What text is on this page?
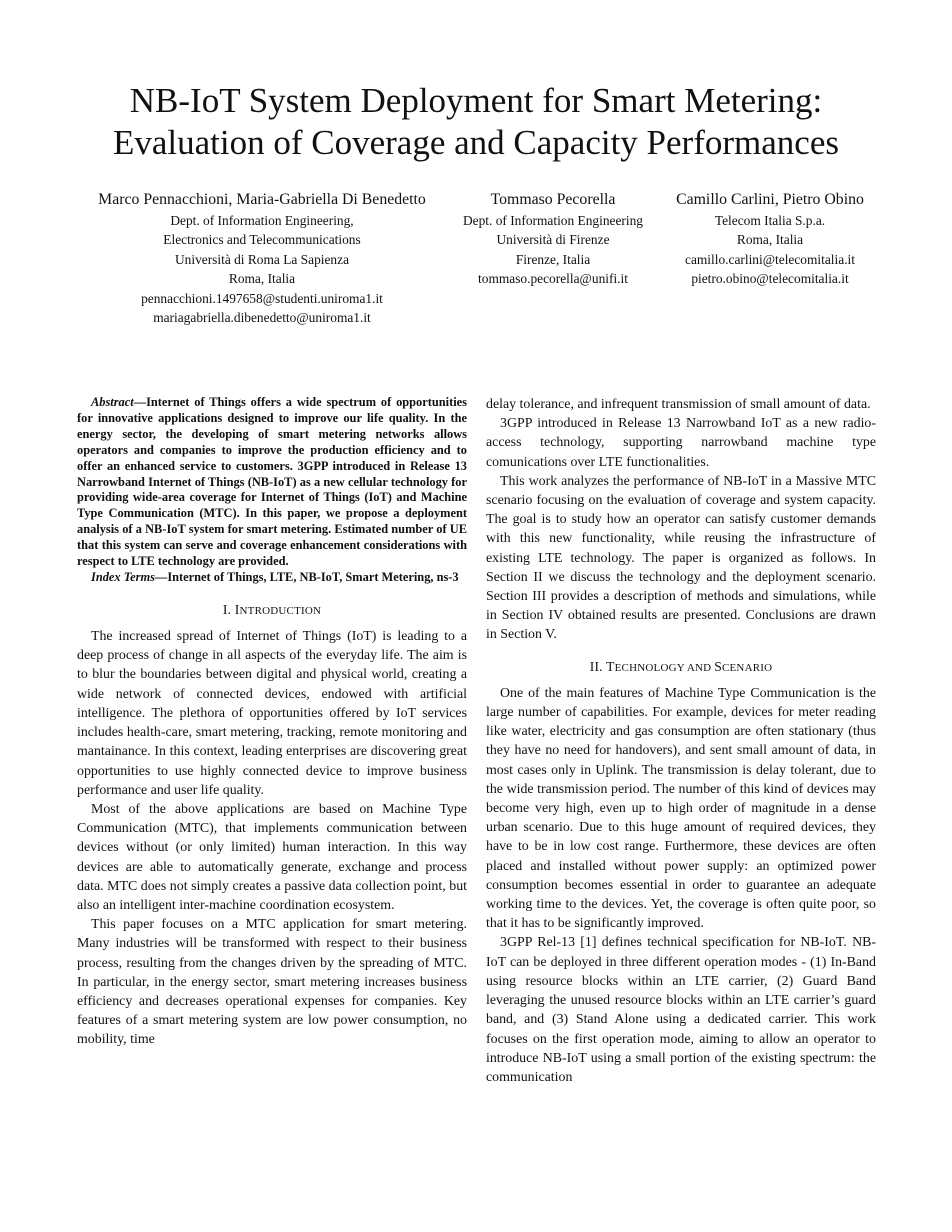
NB-IoT System Deployment for Smart Metering:
Evaluation of Coverage and Capacity Performances
Marco Pennacchioni, Maria-Gabriella Di Benedetto
Dept. of Information Engineering,
Electronics and Telecommunications
Università di Roma La Sapienza
Roma, Italia
pennacchioni.1497658@studenti.uniroma1.it
mariagabriella.dibenedetto@uniroma1.it
Tommaso Pecorella
Dept. of Information Engineering
Università di Firenze
Firenze, Italia
tommaso.pecorella@unifi.it
Camillo Carlini, Pietro Obino
Telecom Italia S.p.a.
Roma, Italia
camillo.carlini@telecomitalia.it
pietro.obino@telecomitalia.it

Abstract—Internet of Things offers a wide spectrum of opportunities for innovative applications designed to improve our life quality. In the energy sector, the developing of smart metering networks allows operators and companies to improve the production efficiency and to offer an enhanced service to customers. 3GPP introduced in Release 13 Narrowband Internet of Things (NB-IoT) as a new cellular technology for providing wide-area coverage for Internet of Things (IoT) and Machine Type Communication (MTC). In this paper, we propose a deployment analysis of a NB-IoT system for smart metering. Estimated number of UE that this system can serve and coverage enhancement considerations with respect to LTE technology are provided.

Index Terms—Internet of Things, LTE, NB-IoT, Smart Metering, ns-3

I. INTRODUCTION

The increased spread of Internet of Things (IoT) is leading to a deep process of change in all aspects of the everyday life. The aim is to blur the boundaries between digital and physical world, creating a wide network of connected devices, endowed with artificial intelligence. The plethora of opportunities offered by IoT services includes health-care, smart metering, tracking, remote monitoring and mantainance. In this context, leading enterprises are discovering great opportunities to use highly connected device to improve business performance and user life quality.

Most of the above applications are based on Machine Type Communication (MTC), that implements communication between devices without (or only limited) human interaction. In this way devices are able to automatically generate, exchange and process data. MTC does not simply creates a passive data collection point, but also an intelligent inter-machine coordination ecosystem.

This paper focuses on a MTC application for smart metering. Many industries will be transformed with respect to their business process, resulting from the changes driven by the spreading of MTC. In particular, in the energy sector, smart metering increases business efficiency and decreases operational expenses for companies. Key features of a smart metering system are low power consumption, no mobility, time

delay tolerance, and infrequent transmission of small amount of data.

3GPP introduced in Release 13 Narrowband IoT as a new radio-access technology, supporting narrowband machine type comunications over LTE functionalities.

This work analyzes the performance of NB-IoT in a Massive MTC scenario focusing on the evaluation of coverage and system capacity. The goal is to study how an operator can satisfy customer demands with this new functionality, while reusing the infrastructure of existing LTE technology. The paper is organized as follows. In Section II we discuss the technology and the deployment scenario. Section III provides a description of methods and simulations, while in Section IV obtained results are presented. Conclusions are drawn in Section V.

II. TECHNOLOGY AND SCENARIO

One of the main features of Machine Type Communication is the large number of capabilities. For example, devices for meter reading like water, electricity and gas consumption are often stationary (thus they have no need for handovers), and sent small amount of data, in most cases only in Uplink. The transmission is delay tolerant, due to the wide transmission period. The number of this kind of devices may become very high, even up to high order of magnitude in a dense urban scenario. Due to this huge amount of required devices, they have to be in low cost range. Furthermore, these devices are often placed and installed without power supply: an optimized power consumption becomes essential in order to guarantee an adequate working time to the devices. Yet, the coverage is often quite poor, so that it has to be significantly improved.

3GPP Rel-13 [1] defines technical specification for NB-IoT. NB-IoT can be deployed in three different operation modes - (1) In-Band using resource blocks within an LTE carrier, (2) Guard Band leveraging the unused resource blocks within an LTE carrier’s guard band, and (3) Stand Alone using a dedicated carrier. This work focuses on the first operation mode, aiming to allow an operator to introduce NB-IoT using a small portion of the existing spectrum: the communication
